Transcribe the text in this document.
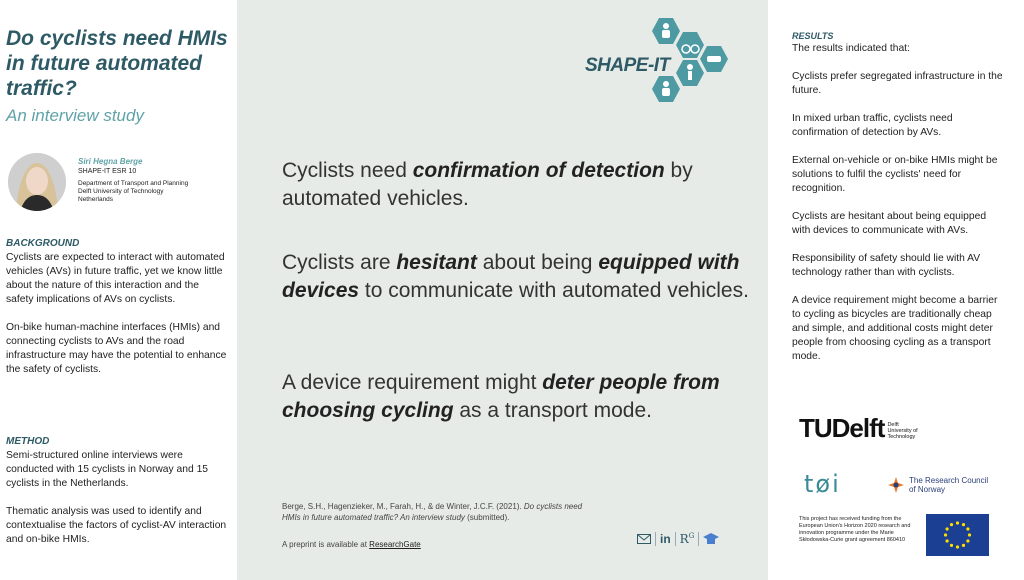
Do cyclists need HMIs in future automated traffic?
An interview study
Siri Hegna Berge
SHAPE-IT ESR 10
Department of Transport and Planning
Delft University of Technology
Netherlands
BACKGROUND

Cyclists are expected to interact with automated vehicles (AVs) in future traffic, yet we know little about the nature of this interaction and the safety implications of AVs on cyclists.

On-bike human-machine interfaces (HMIs) and connecting cyclists to AVs and the road infrastructure may have the potential to enhance the safety of cyclists.

METHOD

Semi-structured online interviews were conducted with 15 cyclists in Norway and 15 cyclists in the Netherlands.

Thematic analysis was used to identify and contextualise the factors of cyclist-AV interaction and on-bike HMIs.

SHAPE-IT
Cyclists need confirmation of detection by automated vehicles.
Cyclists are hesitant about being equipped with devices to communicate with automated vehicles.
A device requirement might deter people from choosing cycling as a transport mode.
Berge, S.H., Hagenzieker, M., Farah, H., & de Winter, J.C.F. (2021). Do cyclists need HMIs in future automated traffic? An interview study (submitted).
A preprint is available at ResearchGate	in $R^G$
RESULTS

The results indicated that:

Cyclists prefer segregated infrastructure in the future.

In mixed urban traffic, cyclists need confirmation of detection by AVs.

External on-vehicle or on-bike HMIs might be solutions to fulfil the cyclists' need for recognition.

Cyclists are hesitant about being equipped with devices to communicate with AVs.

Responsibility of safety should lie with AV technology rather than with cyclists.

A device requirement might become a barrier to cycling as bicycles are traditionally cheap and simple, and additional costs might deter people from choosing cycling as a transport mode.

TUDelft Delft
University of
Technology
tøi	The Research Council
of Norway
This project has received funding from the European Union's Horizon 2020 research and innovation programme under the Marie Skłodowska-Curie grant agreement 860410
